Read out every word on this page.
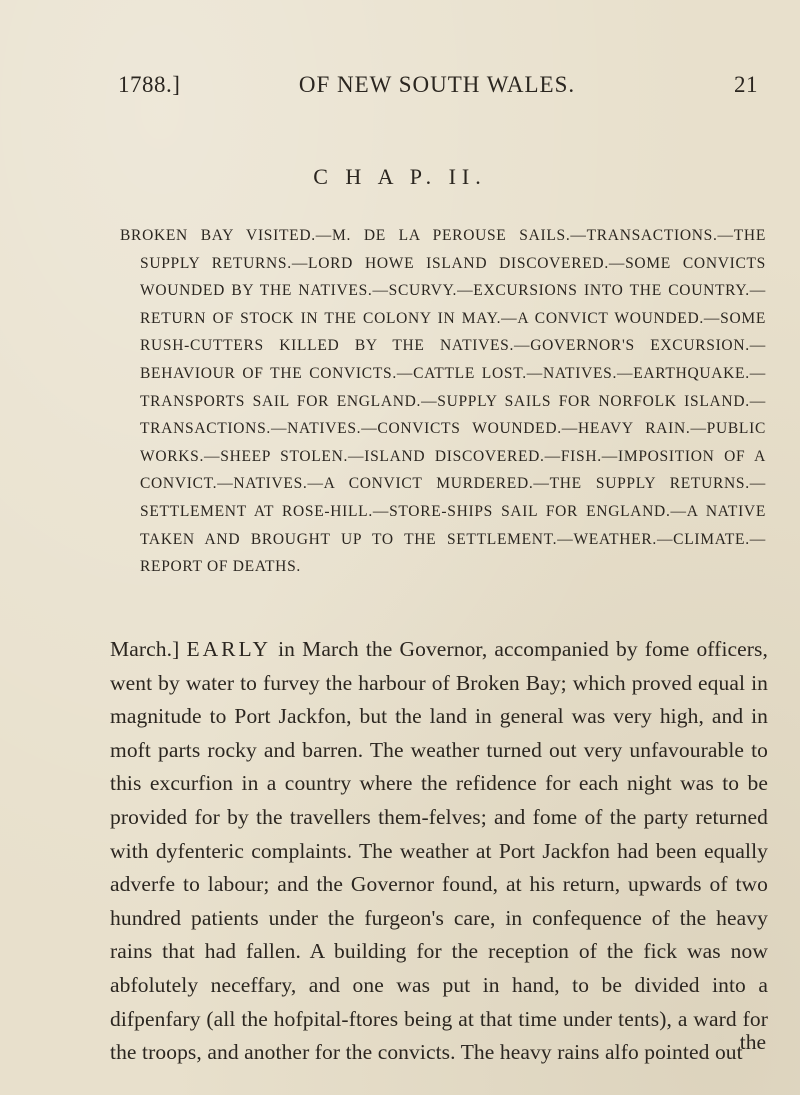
1788.]	OF NEW SOUTH WALES.	21
C H A P. II.
BROKEN BAY VISITED.—M. DE LA PEROUSE SAILS.—TRANSACTIONS.—THE SUPPLY RETURNS.—LORD HOWE ISLAND DISCOVERED.—SOME CONVICTS WOUNDED BY THE NATIVES.—SCURVY.—EXCURSIONS INTO THE COUNTRY.—RETURN OF STOCK IN THE COLONY IN MAY.—A CONVICT WOUNDED.—SOME RUSH-CUTTERS KILLED BY THE NATIVES.—GOVERNOR'S EXCURSION.—BEHAVIOUR OF THE CONVICTS.—CATTLE LOST.—NATIVES.—EARTHQUAKE.—TRANSPORTS SAIL FOR ENGLAND.—SUPPLY SAILS FOR NORFOLK ISLAND.—TRANSACTIONS.—NATIVES.—CONVICTS WOUNDED.—HEAVY RAIN.—PUBLIC WORKS.—SHEEP STOLEN.—ISLAND DISCOVERED.—FISH.—IMPOSITION OF A CONVICT.—NATIVES.—A CONVICT MURDERED.—THE SUPPLY RETURNS.—SETTLEMENT AT ROSE-HILL.—STORE-SHIPS SAIL FOR ENGLAND.—A NATIVE TAKEN AND BROUGHT UP TO THE SETTLEMENT.—WEATHER.—CLIMATE.—REPORT OF DEATHS.

March.] EARLY in March the Governor, accompanied by fome officers, went by water to furvey the harbour of Broken Bay; which proved equal in magnitude to Port Jackfon, but the land in general was very high, and in moft parts rocky and barren. The weather turned out very unfavourable to this excurfion in a country where the refidence for each night was to be provided for by the travellers them-felves; and fome of the party returned with dyfenteric complaints. The weather at Port Jackfon had been equally adverfe to labour; and the Governor found, at his return, upwards of two hundred patients under the furgeon's care, in confequence of the heavy rains that had fallen. A building for the reception of the fick was now abfolutely neceffary, and one was put in hand, to be divided into a difpenfary (all the hofpital-ftores being at that time under tents), a ward for the troops, and another for the convicts. The heavy rains alfo pointed out

the
